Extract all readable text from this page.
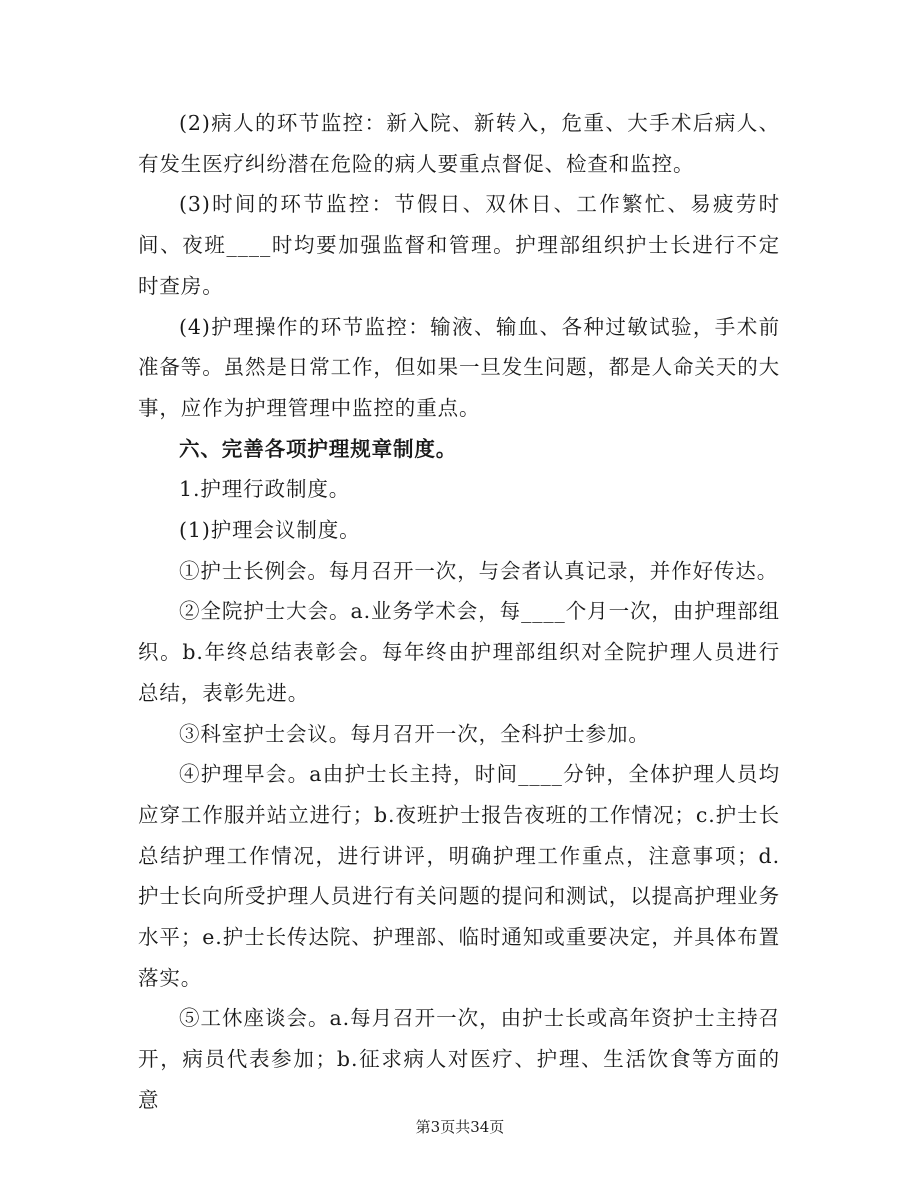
(2)病人的环节监控：新入院、新转入，危重、大手术后病人、有发生医疗纠纷潜在危险的病人要重点督促、检查和监控。

(3)时间的环节监控：节假日、双休日、工作繁忙、易疲劳时间、夜班____时均要加强监督和管理。护理部组织护士长进行不定时查房。

(4)护理操作的环节监控：输液、输血、各种过敏试验，手术前准备等。虽然是日常工作，但如果一旦发生问题，都是人命关天的大事，应作为护理管理中监控的重点。

六、完善各项护理规章制度。

1.护理行政制度。

(1)护理会议制度。

①护士长例会。每月召开一次，与会者认真记录，并作好传达。

②全院护士大会。a.业务学术会，每____个月一次，由护理部组织。b.年终总结表彰会。每年终由护理部组织对全院护理人员进行总结，表彰先进。

③科室护士会议。每月召开一次，全科护士参加。

④护理早会。a由护士长主持，时间____分钟，全体护理人员均应穿工作服并站立进行；b.夜班护士报告夜班的工作情况；c.护士长总结护理工作情况，进行讲评，明确护理工作重点，注意事项；d.护士长向所受护理人员进行有关问题的提问和测试，以提高护理业务水平；e.护士长传达院、护理部、临时通知或重要决定，并具体布置落实。

⑤工休座谈会。a.每月召开一次，由护士长或高年资护士主持召开，病员代表参加；b.征求病人对医疗、护理、生活饮食等方面的意

第3页共34页
